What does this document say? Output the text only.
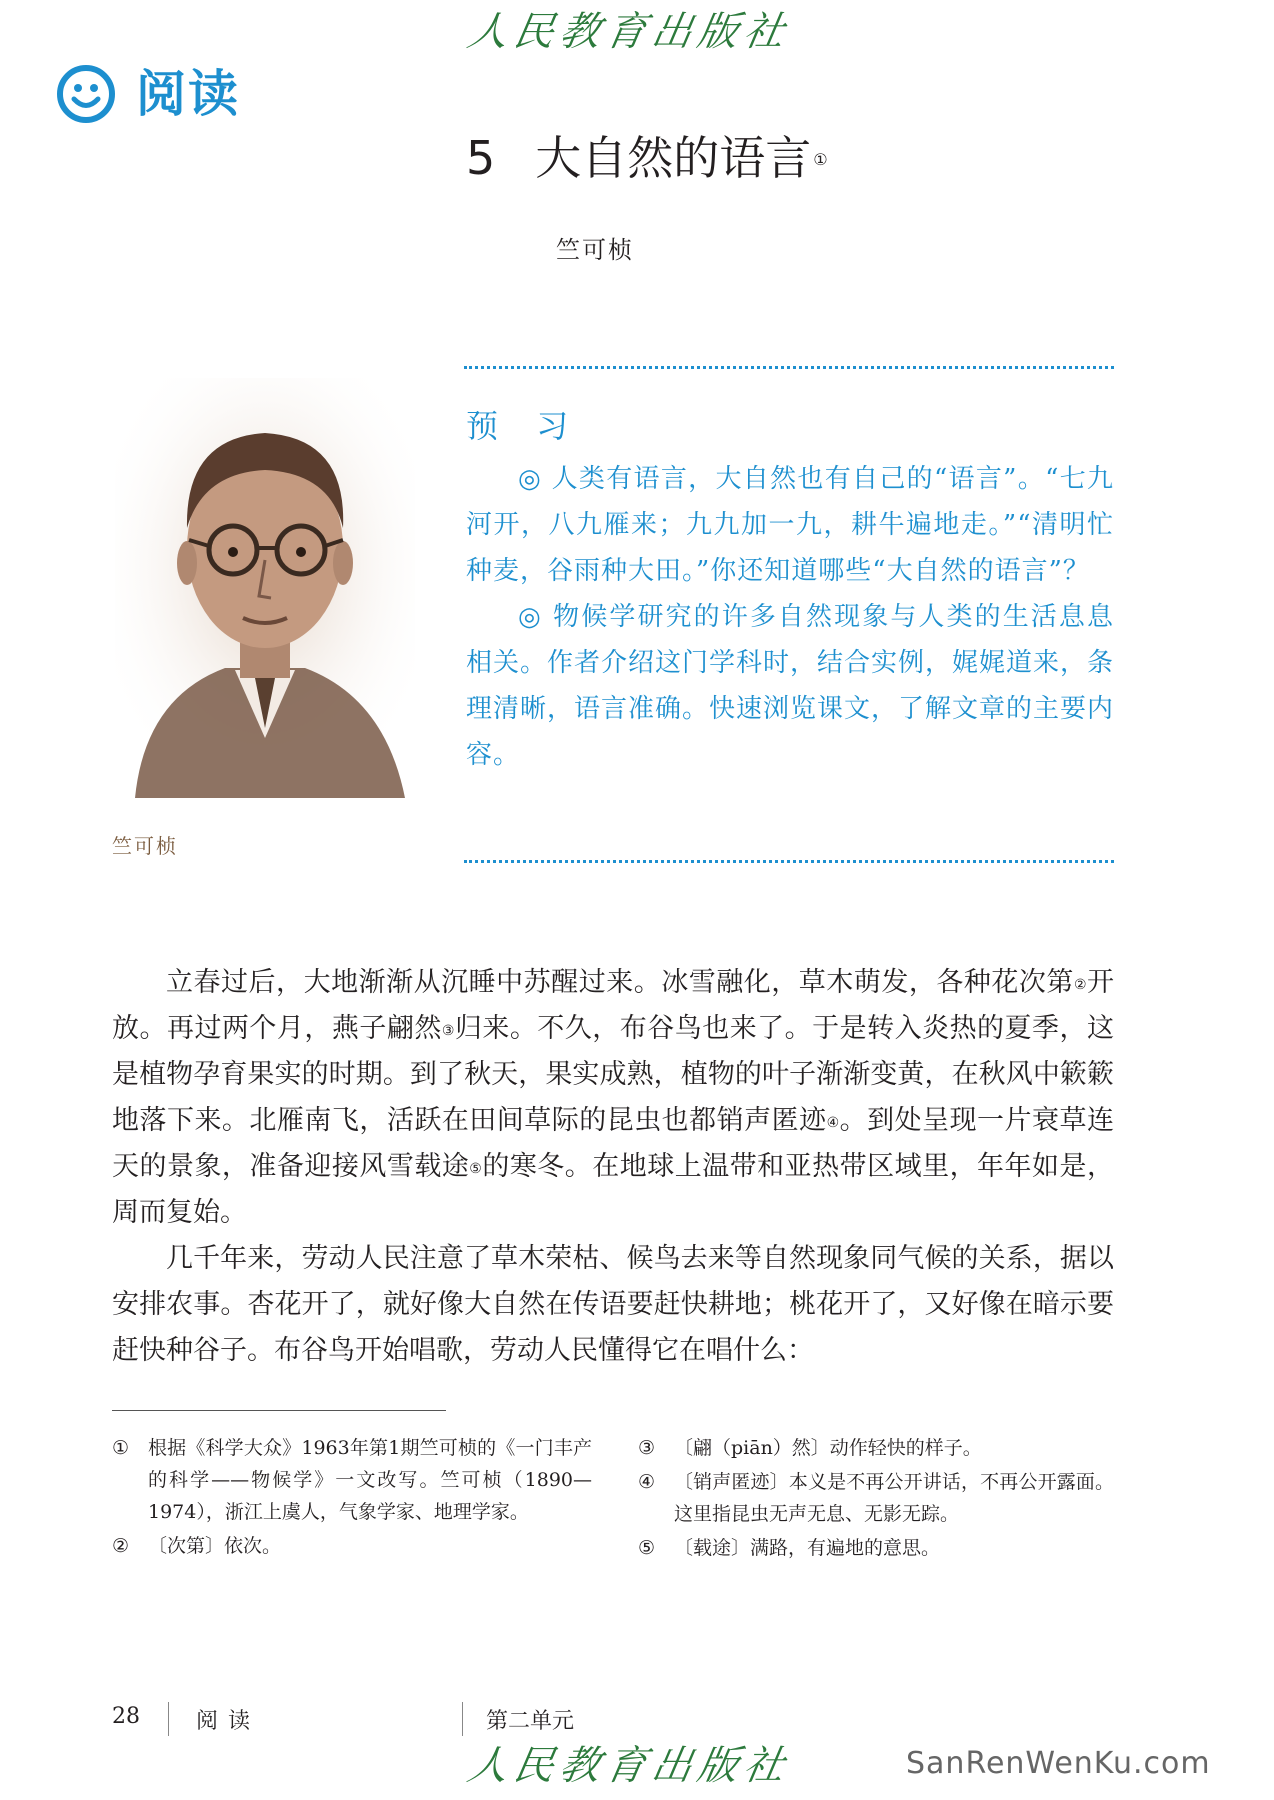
人民教育出版社
阅读
5 大自然的语言 ①
竺可桢
竺可桢
预 习

◎ 人类有语言，大自然也有自己的“语言”。“七九河开，八九雁来；九九加一九，耕牛遍地走。”“清明忙种麦，谷雨种大田。”你还知道哪些“大自然的语言”？

◎ 物候学研究的许多自然现象与人类的生活息息相关。作者介绍这门学科时，结合实例，娓娓道来，条理清晰，语言准确。快速浏览课文，了解文章的主要内容。

立春过后，大地渐渐从沉睡中苏醒过来。冰雪融化，草木萌发，各种花次第②开放。再过两个月，燕子翩然③归来。不久，布谷鸟也来了。于是转入炎热的夏季，这是植物孕育果实的时期。到了秋天，果实成熟，植物的叶子渐渐变黄，在秋风中簌簌地落下来。北雁南飞，活跃在田间草际的昆虫也都销声匿迹④。到处呈现一片衰草连天的景象，准备迎接风雪载途⑤的寒冬。在地球上温带和亚热带区域里，年年如是，周而复始。

几千年来，劳动人民注意了草木荣枯、候鸟去来等自然现象同气候的关系，据以安排农事。杏花开了，就好像大自然在传语要赶快耕地；桃花开了，又好像在暗示要赶快种谷子。布谷鸟开始唱歌，劳动人民懂得它在唱什么：

① 根据《科学大众》1963年第1期竺可桢的《一门丰产的科学——物候学》一文改写。竺可桢（1890—1974），浙江上虞人，气象学家、地理学家。
② 〔次第〕依次。
③ 〔翩（piān）然〕动作轻快的样子。
④ 〔销声匿迹〕本义是不再公开讲话，不再公开露面。这里指昆虫无声无息、无影无踪。
⑤ 〔载途〕满路，有遍地的意思。
28	阅读	第二单元
人民教育出版社	SanRenWenKu.com
